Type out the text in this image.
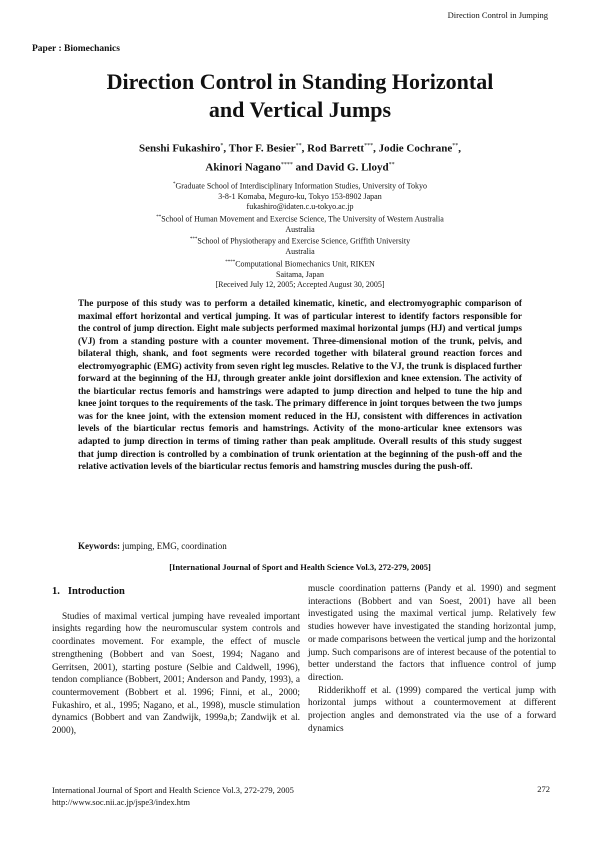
Direction Control in Jumping
Paper : Biomechanics
Direction Control in Standing Horizontal
and Vertical Jumps
Senshi Fukashiro*, Thor F. Besier**, Rod Barrett***, Jodie Cochrane**,
Akinori Nagano**** and David G. Lloyd**
*Graduate School of Interdisciplinary Information Studies, University of Tokyo
3-8-1 Komaba, Meguro-ku, Tokyo 153-8902 Japan
fukashiro@idaten.c.u-tokyo.ac.jp
**School of Human Movement and Exercise Science, The University of Western Australia
Australia
***School of Physiotherapy and Exercise Science, Griffith University
Australia
****Computational Biomechanics Unit, RIKEN
Saitama, Japan
[Received July 12, 2005; Accepted August 30, 2005]

The purpose of this study was to perform a detailed kinematic, kinetic, and electromyographic comparison of maximal effort horizontal and vertical jumping. It was of particular interest to identify factors responsible for the control of jump direction. Eight male subjects performed maximal horizontal jumps (HJ) and vertical jumps (VJ) from a standing posture with a counter movement. Three-dimensional motion of the trunk, pelvis, and bilateral thigh, shank, and foot segments were recorded together with bilateral ground reaction forces and electromyographic (EMG) activity from seven right leg muscles. Relative to the VJ, the trunk is displaced further forward at the beginning of the HJ, through greater ankle joint dorsiflexion and knee extension. The activity of the biarticular rectus femoris and hamstrings were adapted to jump direction and helped to tune the hip and knee joint torques to the requirements of the task. The primary difference in joint torques between the two jumps was for the knee joint, with the extension moment reduced in the HJ, consistent with differences in activation levels of the biarticular rectus femoris and hamstrings. Activity of the mono-articular knee extensors was adapted to jump direction in terms of timing rather than peak amplitude. Overall results of this study suggest that jump direction is controlled by a combination of trunk orientation at the beginning of the push-off and the relative activation levels of the biarticular rectus femoris and hamstring muscles during the push-off.

Keywords: jumping, EMG, coordination
[International Journal of Sport and Health Science Vol.3, 272-279, 2005]
1. Introduction

Studies of maximal vertical jumping have revealed important insights regarding how the neuromuscular system controls and coordinates movement. For example, the effect of muscle strengthening (Bobbert and van Soest, 1994; Nagano and Gerritsen, 2001), starting posture (Selbie and Caldwell, 1996), tendon compliance (Bobbert, 2001; Anderson and Pandy, 1993), a countermovement (Bobbert et al. 1996; Finni, et al., 2000; Fukashiro, et al., 1995; Nagano, et al., 1998), muscle stimulation dynamics (Bobbert and van Zandwijk, 1999a,b; Zandwijk et al. 2000),

muscle coordination patterns (Pandy et al. 1990) and segment interactions (Bobbert and van Soest, 2001) have all been investigated using the maximal vertical jump. Relatively few studies however have investigated the standing horizontal jump, or made comparisons between the vertical jump and the horizontal jump. Such comparisons are of interest because of the potential to better understand the factors that influence control of jump direction.

Ridderikhoff et al. (1999) compared the vertical jump with horizontal jumps without a countermovement at different projection angles and demonstrated via the use of a forward dynamics

International Journal of Sport and Health Science Vol.3, 272-279, 2005
http://www.soc.nii.ac.jp/jspe3/index.htm
272
